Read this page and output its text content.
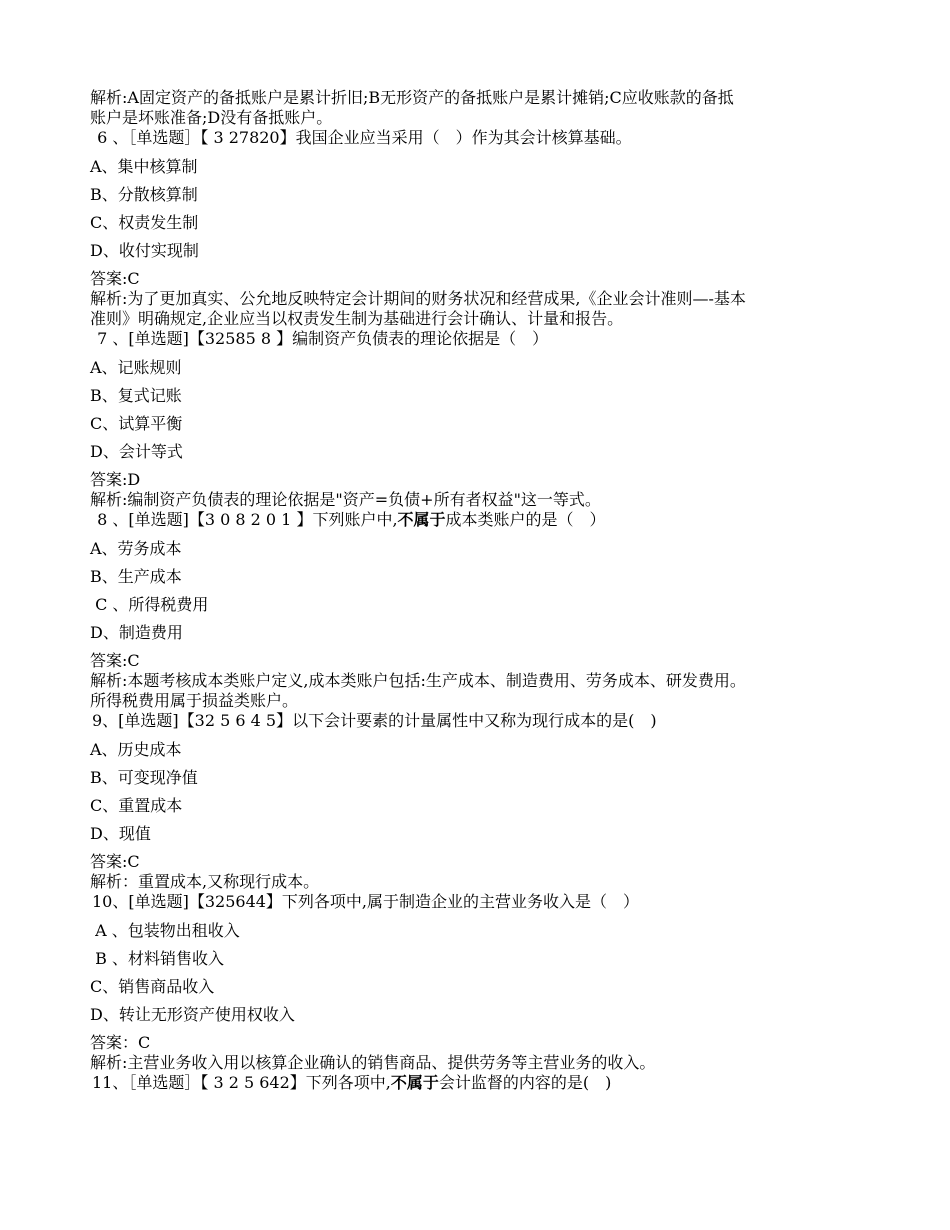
解析:A固定资产的备抵账户是累计折旧;B无形资产的备抵账户是累计摊销;C应收账款的备抵

账户是坏账准备;D没有备抵账户。

6 、［单选题］【 3 27820】我国企业应当采用（　）作为其会计核算基础。

A、集中核算制

B、分散核算制

C、权责发生制

D、收付实现制

答案:C

解析:为了更加真实、公允地反映特定会计期间的财务状况和经营成果,《企业会计准则—-基本

准则》明确规定,企业应当以权责发生制为基础进行会计确认、计量和报告。

7 、[单选题]【32585 8 】编制资产负债表的理论依据是（　）

A、记账规则

B、复式记账

C、试算平衡

D、会计等式

答案:D

解析:编制资产负债表的理论依据是"资产=负债+所有者权益"这一等式。

8 、[单选题]【3 0 8 2 0 1 】下列账户中,不属于成本类账户的是（　）

A、劳务成本

B、生产成本

C 、所得税费用

D、制造费用

答案:C

解析:本题考核成本类账户定义,成本类账户包括:生产成本、制造费用、劳务成本、研发费用。

所得税费用属于损益类账户。

9、[单选题]【32 5 6 4 5】以下会计要素的计量属性中又称为现行成本的是(　)

A、历史成本

B、可变现净值

C、重置成本

D、现值

答案:C

解析：重置成本,又称现行成本。

10、[单选题]【325644】下列各项中,属于制造企业的主营业务收入是（　）

A 、包装物出租收入

B 、材料销售收入

C、销售商品收入

D、转让无形资产使用权收入

答案：C

解析:主营业务收入用以核算企业确认的销售商品、提供劳务等主营业务的收入。

11、［单选题］【 3 2 5 642】下列各项中,不属于会计监督的内容的是(　)
